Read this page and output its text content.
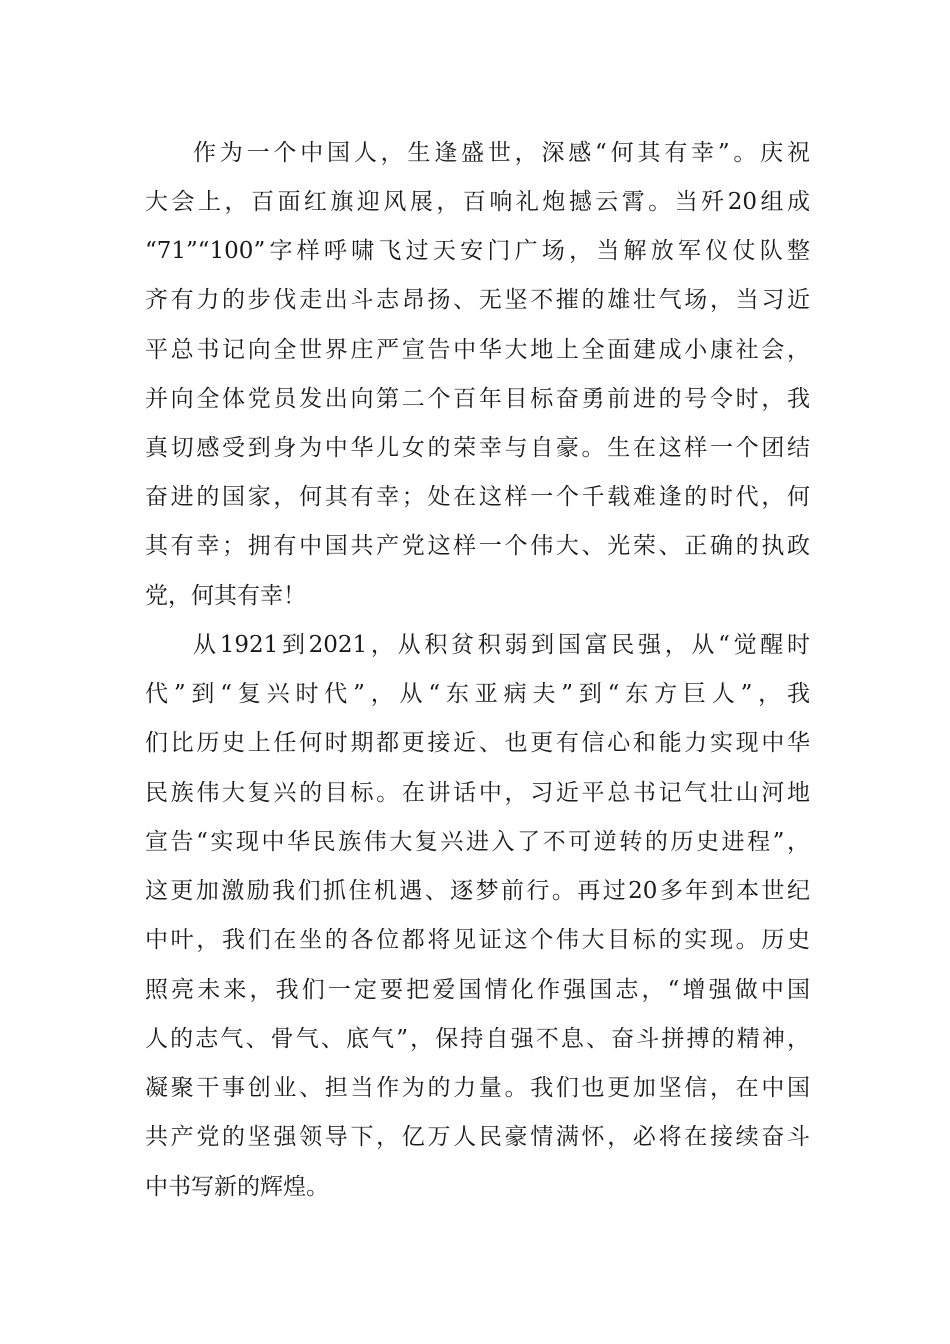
作为一个中国人，生逢盛世，深感“何其有幸”。庆祝
大会上，百面红旗迎风展，百响礼炮撼云霄。当歼20组成
“71”“100”字样呼啸飞过天安门广场，当解放军仪仗队整
齐有力的步伐走出斗志昂扬、无坚不摧的雄壮气场，当习近
平总书记向全世界庄严宣告中华大地上全面建成小康社会，
并向全体党员发出向第二个百年目标奋勇前进的号令时，我
真切感受到身为中华儿女的荣幸与自豪。生在这样一个团结
奋进的国家，何其有幸；处在这样一个千载难逢的时代，何
其有幸；拥有中国共产党这样一个伟大、光荣、正确的执政
党，何其有幸！
从1921到2021，从积贫积弱到国富民强，从“觉醒时
代”到“复兴时代”，从“东亚病夫”到“东方巨人”，我
们比历史上任何时期都更接近、也更有信心和能力实现中华
民族伟大复兴的目标。在讲话中，习近平总书记气壮山河地
宣告“实现中华民族伟大复兴进入了不可逆转的历史进程”，
这更加激励我们抓住机遇、逐梦前行。再过20多年到本世纪
中叶，我们在坐的各位都将见证这个伟大目标的实现。历史
照亮未来，我们一定要把爱国情化作强国志，“增强做中国
人的志气、骨气、底气”，保持自强不息、奋斗拼搏的精神，
凝聚干事创业、担当作为的力量。我们也更加坚信，在中国
共产党的坚强领导下，亿万人民豪情满怀，必将在接续奋斗
中书写新的辉煌。
